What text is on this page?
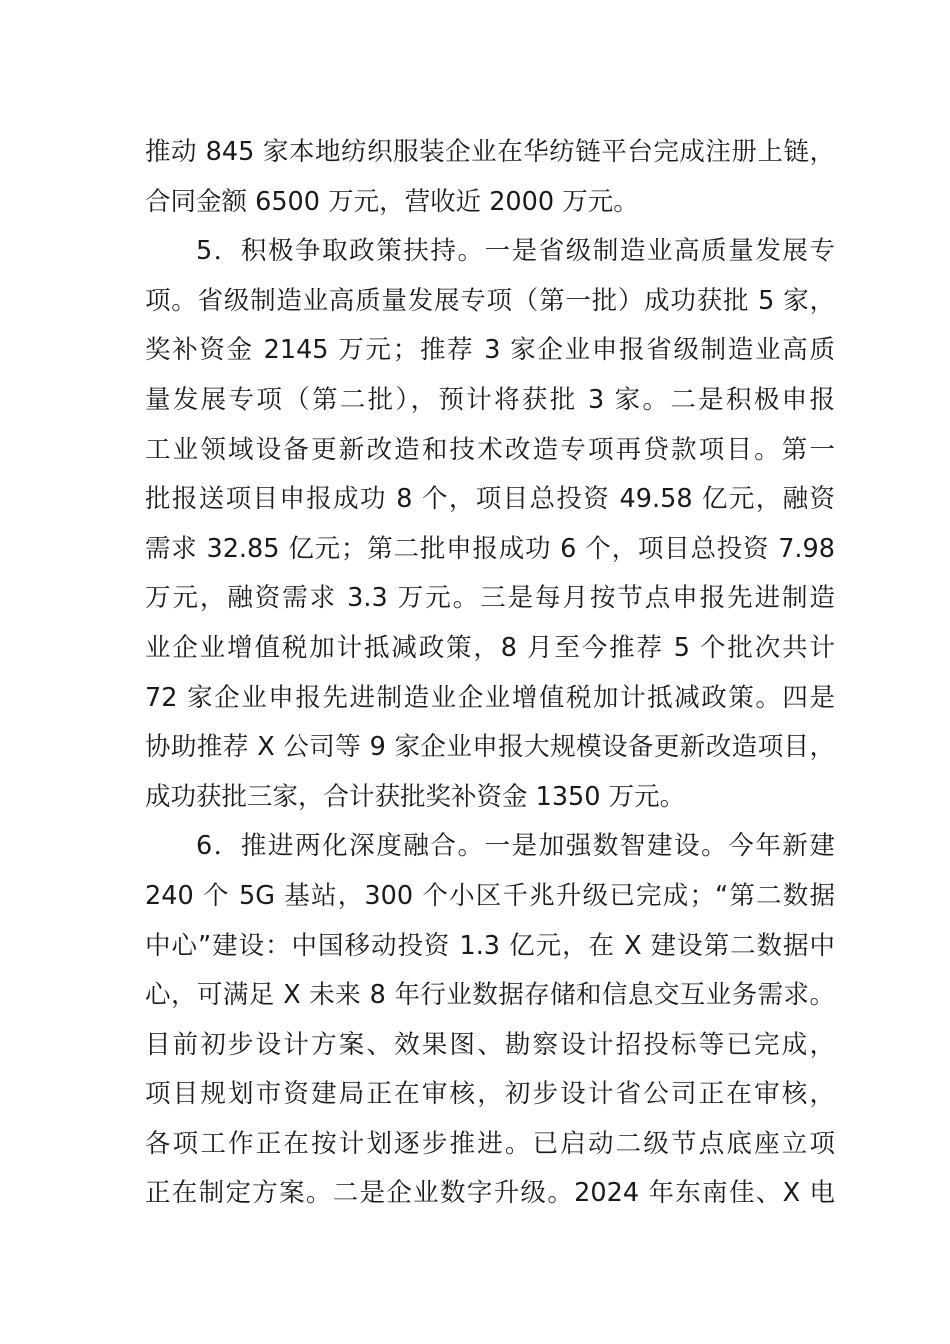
推动 845 家本地纺织服装企业在华纺链平台完成注册上链，
合同金额 6500 万元，营收近 2000 万元。
5．积极争取政策扶持。一是省级制造业高质量发展专
项。省级制造业高质量发展专项（第一批）成功获批 5 家，
奖补资金 2145 万元；推荐 3 家企业申报省级制造业高质
量发展专项（第二批），预计将获批 3 家。二是积极申报
工业领域设备更新改造和技术改造专项再贷款项目。第一
批报送项目申报成功 8 个，项目总投资 49.58 亿元，融资
需求 32.85 亿元；第二批申报成功 6 个，项目总投资 7.98
万元，融资需求 3.3 万元。三是每月按节点申报先进制造
业企业增值税加计抵减政策，8 月至今推荐 5 个批次共计
72 家企业申报先进制造业企业增值税加计抵减政策。四是
协助推荐 X 公司等 9 家企业申报大规模设备更新改造项目，
成功获批三家，合计获批奖补资金 1350 万元。
6．推进两化深度融合。一是加强数智建设。今年新建
240 个 5G 基站，300 个小区千兆升级已完成；“第二数据
中心”建设：中国移动投资 1.3 亿元，在 X 建设第二数据中
心，可满足 X 未来 8 年行业数据存储和信息交互业务需求。
目前初步设计方案、效果图、勘察设计招投标等已完成，
项目规划市资建局正在审核，初步设计省公司正在审核，
各项工作正在按计划逐步推进。已启动二级节点底座立项
正在制定方案。二是企业数字升级。2024 年东南佳、X 电
